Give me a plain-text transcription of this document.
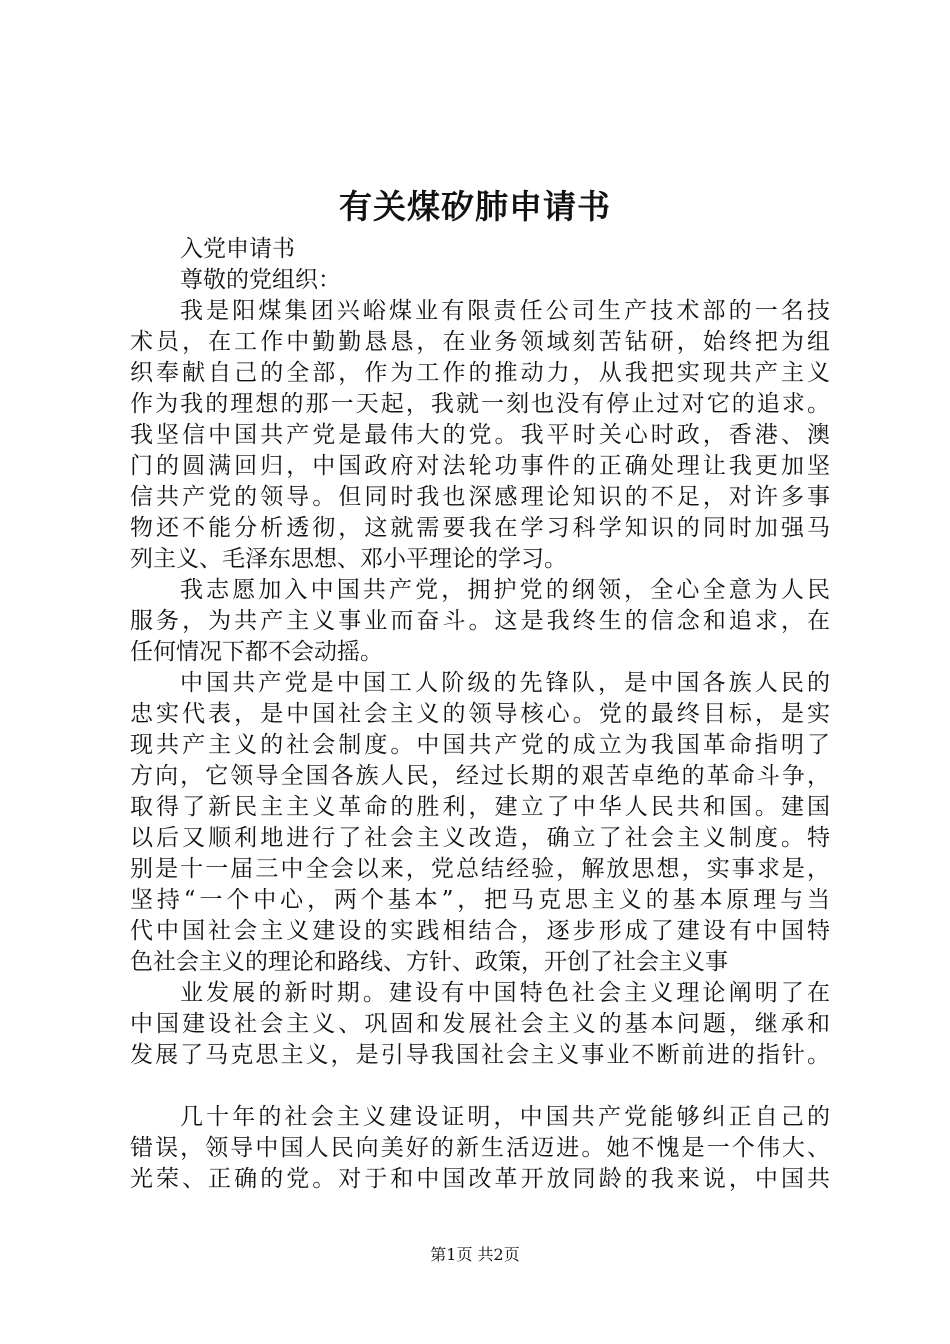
有关煤矽肺申请书
入党申请书
尊敬的党组织：
我是阳煤集团兴峪煤业有限责任公司生产技术部的一名技
术员，在工作中勤勤恳恳，在业务领域刻苦钻研，始终把为组
织奉献自己的全部，作为工作的推动力，从我把实现共产主义
作为我的理想的那一天起，我就一刻也没有停止过对它的追求。
我坚信中国共产党是最伟大的党。我平时关心时政，香港、澳
门的圆满回归，中国政府对法轮功事件的正确处理让我更加坚
信共产党的领导。但同时我也深感理论知识的不足，对许多事
物还不能分析透彻，这就需要我在学习科学知识的同时加强马
列主义、毛泽东思想、邓小平理论的学习。
我志愿加入中国共产党，拥护党的纲领，全心全意为人民
服务，为共产主义事业而奋斗。这是我终生的信念和追求，在
任何情况下都不会动摇。
中国共产党是中国工人阶级的先锋队，是中国各族人民的
忠实代表，是中国社会主义的领导核心。党的最终目标，是实
现共产主义的社会制度。中国共产党的成立为我国革命指明了
方向，它领导全国各族人民，经过长期的艰苦卓绝的革命斗争，
取得了新民主主义革命的胜利，建立了中华人民共和国。建国
以后又顺利地进行了社会主义改造，确立了社会主义制度。特
别是十一届三中全会以来，党总结经验，解放思想，实事求是，
坚持“一个中心，两个基本”，把马克思主义的基本原理与当
代中国社会主义建设的实践相结合，逐步形成了建设有中国特
色社会主义的理论和路线、方针、政策，开创了社会主义事
业发展的新时期。建设有中国特色社会主义理论阐明了在
中国建设社会主义、巩固和发展社会主义的基本问题，继承和
发展了马克思主义，是引导我国社会主义事业不断前进的指针。
几十年的社会主义建设证明，中国共产党能够纠正自己的
错误，领导中国人民向美好的新生活迈进。她不愧是一个伟大、
光荣、正确的党。对于和中国改革开放同龄的我来说，中国共
第1页 共2页
